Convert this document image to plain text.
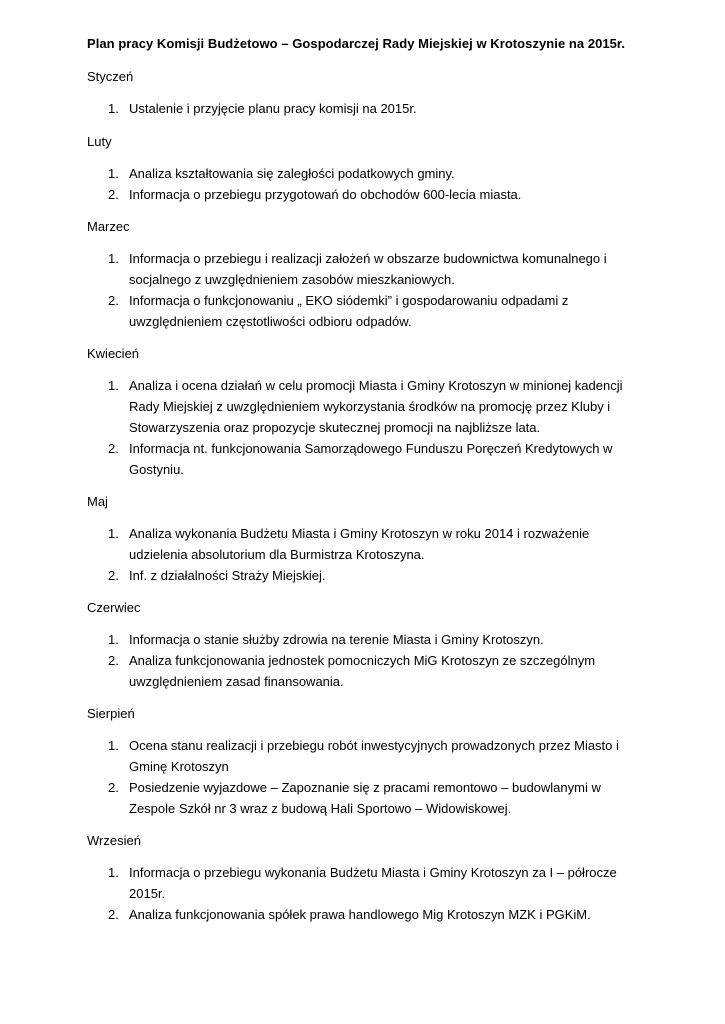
Plan pracy Komisji Budżetowo – Gospodarczej Rady Miejskiej w Krotoszynie na 2015r.
Styczeń
1. Ustalenie i przyjęcie planu pracy komisji na 2015r.
Luty
1. Analiza kształtowania się zaległości podatkowych gminy.
2. Informacja o przebiegu przygotowań do obchodów 600-lecia miasta.
Marzec
1. Informacja o przebiegu i realizacji założeń w obszarze budownictwa komunalnego i
socjalnego z uwzględnieniem zasobów mieszkaniowych.
2. Informacja o funkcjonowaniu „ EKO siódemki” i gospodarowaniu odpadami z
uwzględnieniem częstotliwości odbioru odpadów.
Kwiecień
1. Analiza i ocena działań w celu promocji Miasta i Gminy Krotoszyn w minionej kadencji
Rady Miejskiej z uwzględnieniem wykorzystania środków na promocję przez Kluby i
Stowarzyszenia oraz propozycje skutecznej promocji na najbliższe lata.
2. Informacja nt. funkcjonowania Samorządowego Funduszu Poręczeń Kredytowych w
Gostyniu.
Maj
1. Analiza wykonania Budżetu Miasta i Gminy Krotoszyn w roku 2014 i rozważenie
udzielenia absolutorium dla Burmistrza Krotoszyna.
2. Inf. z działalności Straży Miejskiej.
Czerwiec
1. Informacja o stanie służby zdrowia na terenie Miasta i Gminy Krotoszyn.
2. Analiza funkcjonowania jednostek pomocniczych MiG Krotoszyn ze szczególnym
uwzględnieniem zasad finansowania.
Sierpień
1. Ocena stanu realizacji i przebiegu robót inwestycyjnych prowadzonych przez Miasto i
Gminę Krotoszyn
2. Posiedzenie wyjazdowe – Zapoznanie się z pracami remontowo – budowlanymi w
Zespole Szkół nr 3 wraz z budową Hali Sportowo – Widowiskowej.
Wrzesień
1. Informacja o przebiegu wykonania Budżetu Miasta i Gminy Krotoszyn za I – półrocze
2015r.
2. Analiza funkcjonowania spółek prawa handlowego Mig Krotoszyn MZK i PGKiM.
